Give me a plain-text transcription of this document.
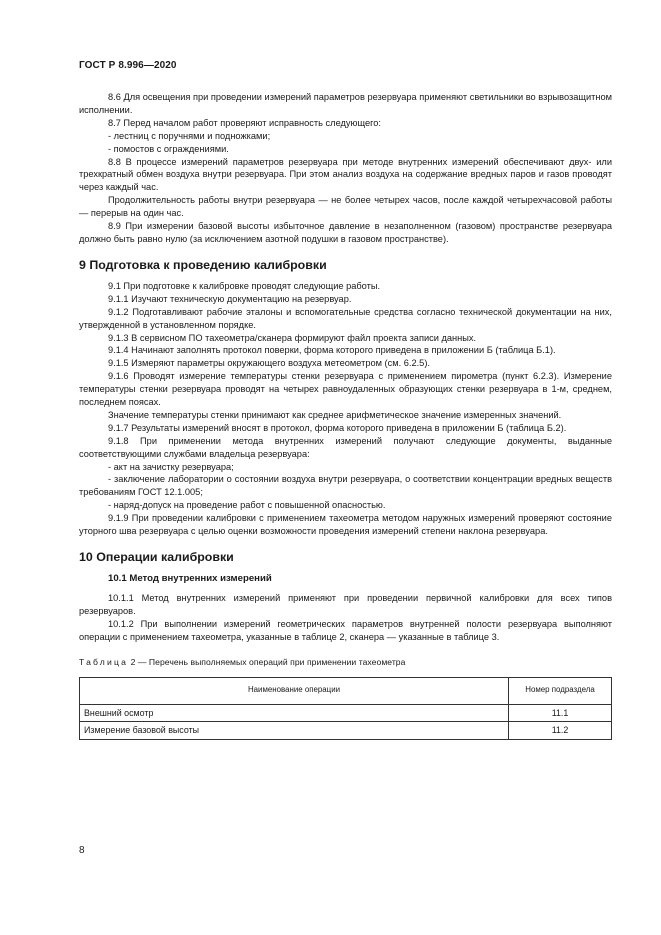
ГОСТ Р 8.996—2020

8.6 Для освещения при проведении измерений параметров резервуара применяют светильники во взрывозащитном исполнении.

8.7 Перед началом работ проверяют исправность следующего:

- лестниц с поручнями и подножками;

- помостов с ограждениями.

8.8 В процессе измерений параметров резервуара при методе внутренних измерений обеспечивают двух- или трехкратный обмен воздуха внутри резервуара. При этом анализ воздуха на содержание вредных паров и газов проводят через каждый час.

Продолжительность работы внутри резервуара — не более четырех часов, после каждой четырехчасовой работы — перерыв на один час.

8.9 При измерении базовой высоты избыточное давление в незаполненном (газовом) пространстве резервуара должно быть равно нулю (за исключением азотной подушки в газовом пространстве).

9 Подготовка к проведению калибровки

9.1 При подготовке к калибровке проводят следующие работы.

9.1.1 Изучают техническую документацию на резервуар.

9.1.2 Подготавливают рабочие эталоны и вспомогательные средства согласно технической документации на них, утвержденной в установленном порядке.

9.1.3 В сервисном ПО тахеометра/сканера формируют файл проекта записи данных.

9.1.4 Начинают заполнять протокол поверки, форма которого приведена в приложении Б (таблица Б.1).

9.1.5 Измеряют параметры окружающего воздуха метеометром (см. 6.2.5).

9.1.6 Проводят измерение температуры стенки резервуара с применением пирометра (пункт 6.2.3). Измерение температуры стенки резервуара проводят на четырех равноудаленных образующих стенки резервуара в 1-м, среднем, последнем поясах.

Значение температуры стенки принимают как среднее арифметическое значение измеренных значений.

9.1.7 Результаты измерений вносят в протокол, форма которого приведена в приложении Б (таблица Б.2).

9.1.8 При применении метода внутренних измерений получают следующие документы, выданные соответствующими службами владельца резервуара:

- акт на зачистку резервуара;

- заключение лаборатории о состоянии воздуха внутри резервуара, о соответствии концентрации вредных веществ требованиям ГОСТ 12.1.005;

- наряд-допуск на проведение работ с повышенной опасностью.

9.1.9 При проведении калибровки с применением тахеометра методом наружных измерений проверяют состояние уторного шва резервуара с целью оценки возможности проведения измерений степени наклона резервуара.

10 Операции калибровки
10.1 Метод внутренних измерений

10.1.1 Метод внутренних измерений применяют при проведении первичной калибровки для всех типов резервуаров.

10.1.2 При выполнении измерений геометрических параметров внутренней полости резервуара выполняют операции с применением тахеометра, указанные в таблице 2, сканера — указанные в таблице 3.

Таблица 2 — Перечень выполняемых операций при применении тахеометра
Наименование операции	Номер подраздела
Внешний осмотр	11.1
Измерение базовой высоты	11.2
8
